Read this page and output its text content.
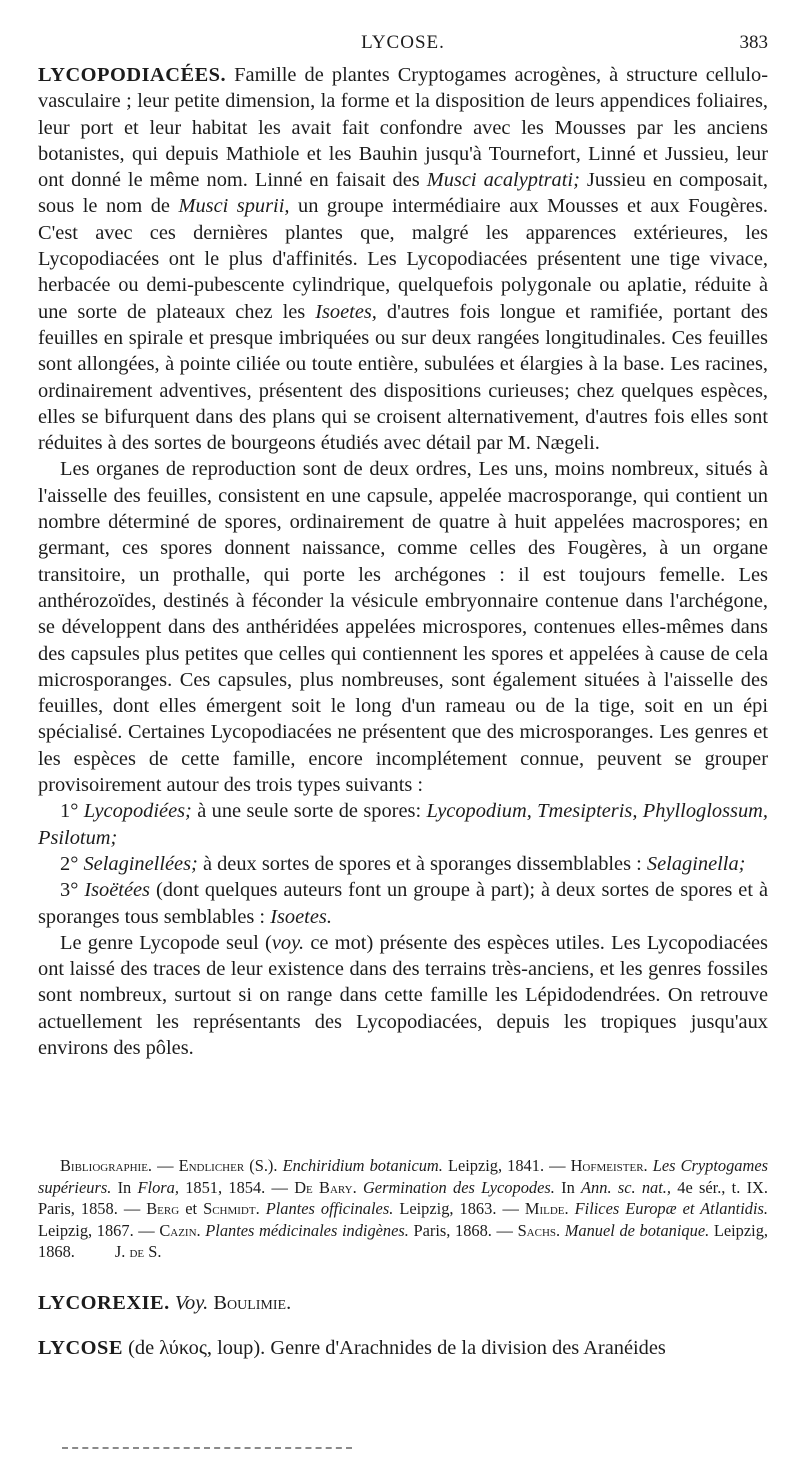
LYCOSE.	383

LYCOPODIACÉES. Famille de plantes Cryptogames acrogènes, à structure cellulo-vasculaire ; leur petite dimension, la forme et la disposition de leurs appendices foliaires, leur port et leur habitat les avait fait confondre avec les Mousses par les anciens botanistes, qui depuis Mathiole et les Bauhin jusqu'à Tournefort, Linné et Jussieu, leur ont donné le même nom. Linné en faisait des Musci acalyptrati; Jussieu en composait, sous le nom de Musci spurii, un groupe intermédiaire aux Mousses et aux Fougères. C'est avec ces dernières plantes que, malgré les apparences extérieures, les Lycopodiacées ont le plus d'affinités. Les Lycopodiacées présentent une tige vivace, herbacée ou demi-pubescente cylindrique, quelquefois polygonale ou aplatie, réduite à une sorte de plateaux chez les Isoetes, d'autres fois longue et ramifiée, portant des feuilles en spirale et presque imbriquées ou sur deux rangées longitudinales. Ces feuilles sont allongées, à pointe ciliée ou toute entière, subulées et élargies à la base. Les racines, ordinairement adventives, présentent des dispositions curieuses; chez quelques espèces, elles se bifurquent dans des plans qui se croisent alternativement, d'autres fois elles sont réduites à des sortes de bourgeons étudiés avec détail par M. Nægeli.

Les organes de reproduction sont de deux ordres, Les uns, moins nombreux, situés à l'aisselle des feuilles, consistent en une capsule, appelée macrosporange, qui contient un nombre déterminé de spores, ordinairement de quatre à huit appelées macrospores; en germant, ces spores donnent naissance, comme celles des Fougères, à un organe transitoire, un prothalle, qui porte les archégones : il est toujours femelle. Les anthérozoïdes, destinés à féconder la vésicule embryonnaire contenue dans l'archégone, se développent dans des anthéridées appelées microspores, contenues elles-mêmes dans des capsules plus petites que celles qui contiennent les spores et appelées à cause de cela microsporanges. Ces capsules, plus nombreuses, sont également situées à l'aisselle des feuilles, dont elles émergent soit le long d'un rameau ou de la tige, soit en un épi spécialisé. Certaines Lycopodiacées ne présentent que des microsporanges. Les genres et les espèces de cette famille, encore incomplétement connue, peuvent se grouper provisoirement autour des trois types suivants :

1° Lycopodiées; à une seule sorte de spores: Lycopodium, Tmesipteris, Phylloglossum, Psilotum;

2° Selaginellées; à deux sortes de spores et à sporanges dissemblables : Selaginella;

3° Isoëtées (dont quelques auteurs font un groupe à part); à deux sortes de spores et à sporanges tous semblables : Isoetes.

Le genre Lycopode seul (voy. ce mot) présente des espèces utiles. Les Lycopodiacées ont laissé des traces de leur existence dans des terrains très-anciens, et les genres fossiles sont nombreux, surtout si on range dans cette famille les Lépidodendrées. On retrouve actuellement les représentants des Lycopodiacées, depuis les tropiques jusqu'aux environs des pôles.

Bibliographie. — Endlicher (S.). Enchiridium botanicum. Leipzig, 1841. — Hofmeister. Les Cryptogames supérieurs. In Flora, 1851, 1854. — De Bary. Germination des Lycopodes. In Ann. sc. nat., 4e sér., t. IX. Paris, 1858. — Berg et Schmidt. Plantes officinales. Leipzig, 1863. — Milde. Filices Europæ et Atlantidis. Leipzig, 1867. — Cazin. Plantes médicinales indigènes. Paris, 1868. — Sachs. Manuel de botanique. Leipzig, 1868. J. de S.

LYCOREXIE. Voy. Boulimie.
LYCOSE (de λύκος, loup). Genre d'Arachnides de la division des Aranéides
